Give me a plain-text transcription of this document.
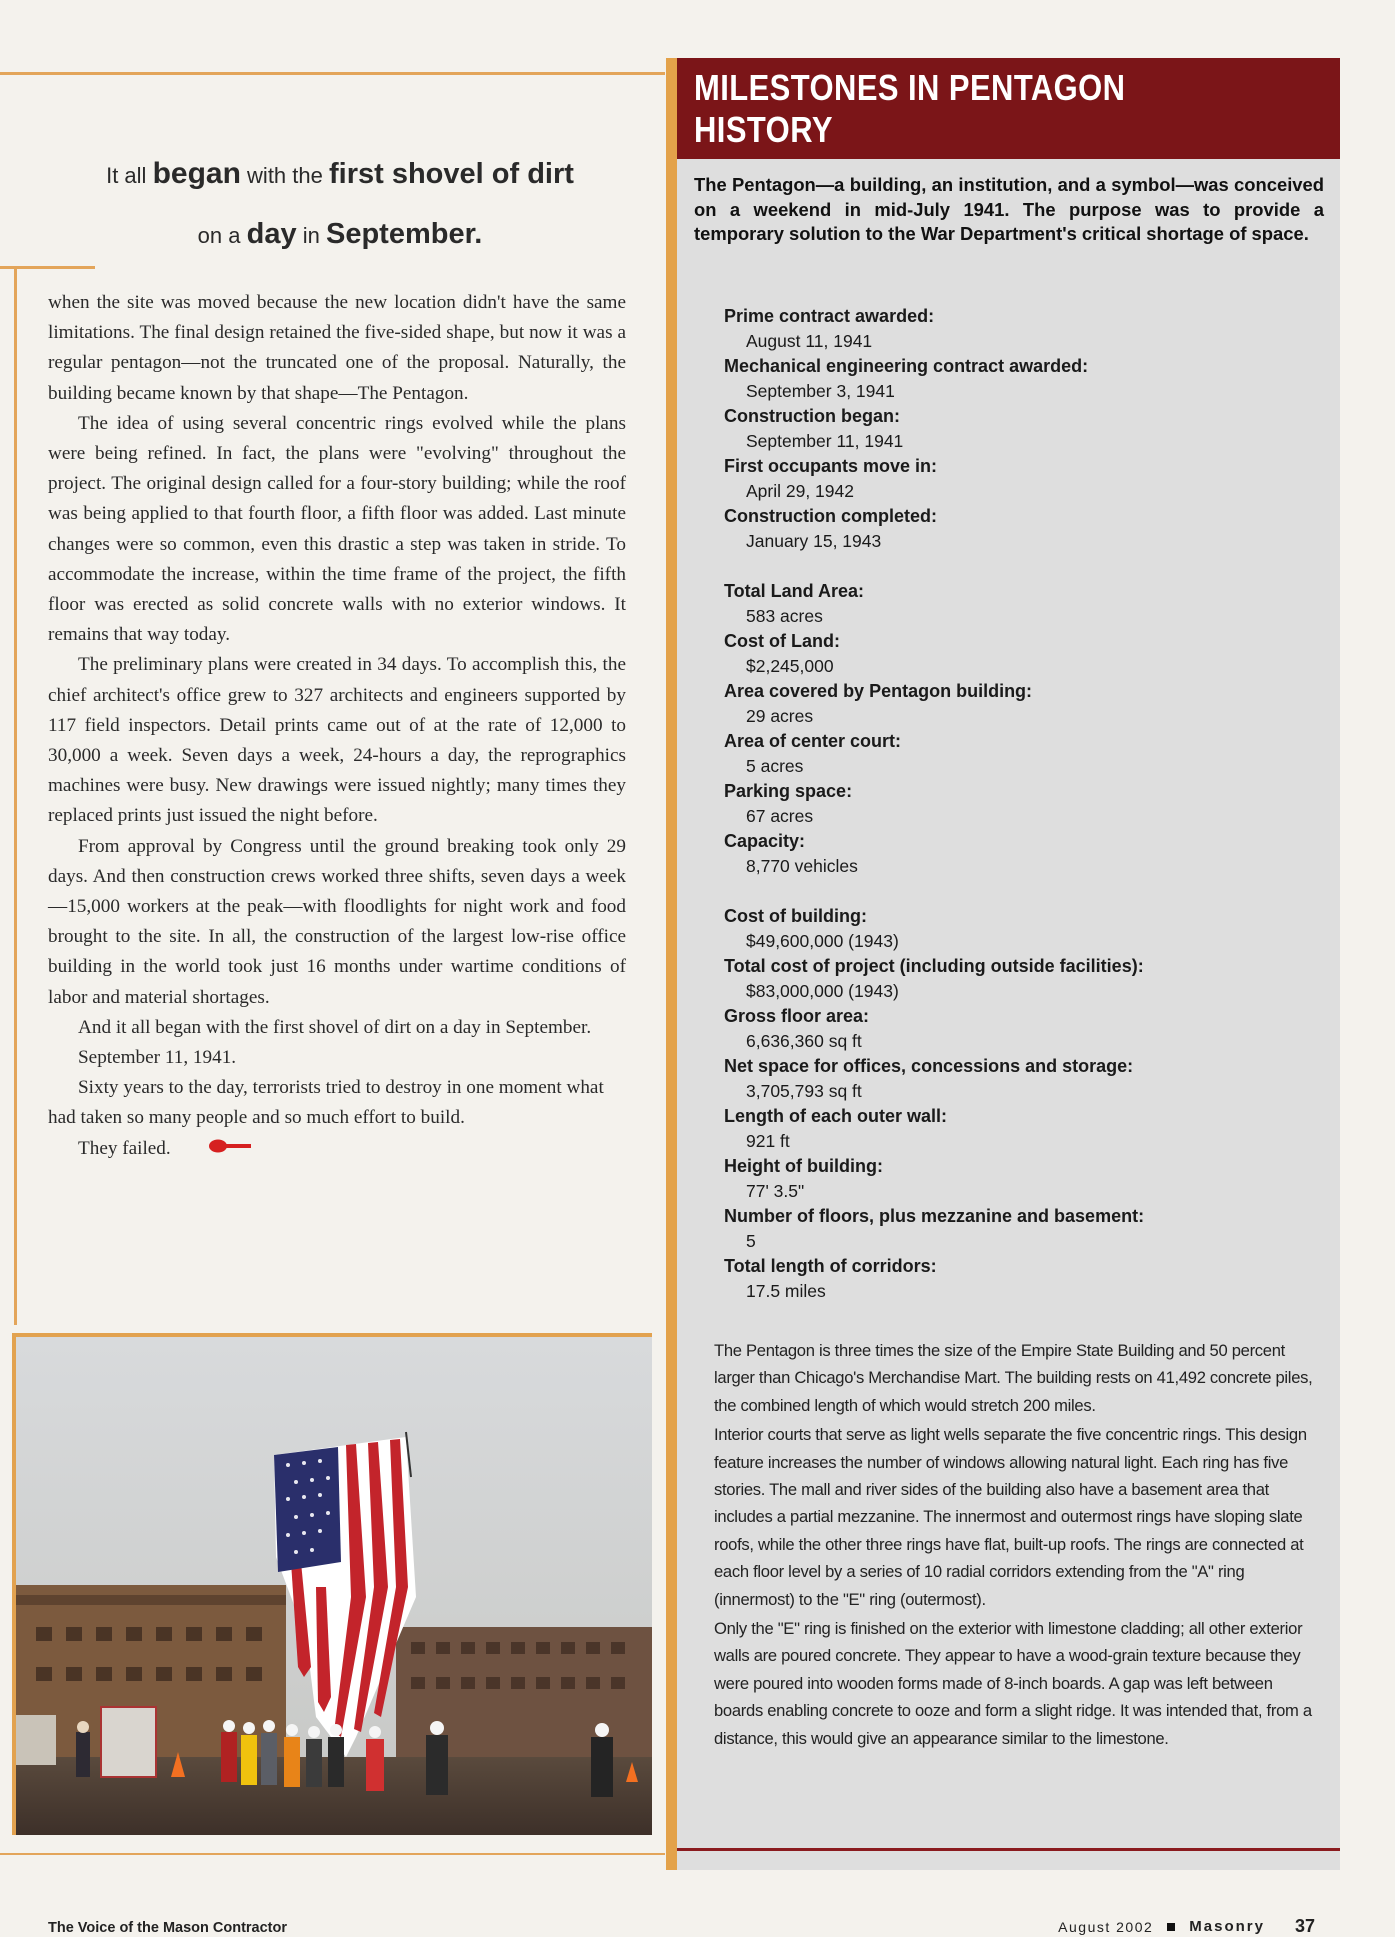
It all began with the first shovel of dirt
on a day in September.

when the site was moved because the new location didn't have the same limitations. The final design retained the five-sided shape, but now it was a regular pentagon—not the truncated one of the proposal. Naturally, the building became known by that shape—The Pentagon.

The idea of using several concentric rings evolved while the plans were being refined. In fact, the plans were "evolving" throughout the project. The original design called for a four-story building; while the roof was being applied to that fourth floor, a fifth floor was added. Last minute changes were so common, even this drastic a step was taken in stride. To accommodate the increase, within the time frame of the project, the fifth floor was erected as solid concrete walls with no exterior windows. It remains that way today.

The preliminary plans were created in 34 days. To accomplish this, the chief architect's office grew to 327 architects and engineers supported by 117 field inspectors. Detail prints came out of at the rate of 12,000 to 30,000 a week. Seven days a week, 24-hours a day, the reprographics machines were busy. New drawings were issued nightly; many times they replaced prints just issued the night before.

From approval by Congress until the ground breaking took only 29 days. And then construction crews worked three shifts, seven days a week—15,000 workers at the peak—with floodlights for night work and food brought to the site. In all, the construction of the largest low-rise office building in the world took just 16 months under wartime conditions of labor and material shortages.

And it all began with the first shovel of dirt on a day in September.

September 11, 1941.

Sixty years to the day, terrorists tried to destroy in one moment what had taken so many people and so much effort to build.

They failed.

MILESTONES IN PENTAGON HISTORY
The Pentagon—a building, an institution, and a symbol—was conceived on a weekend in mid-July 1941. The purpose was to provide a temporary solution to the War Department's critical shortage of space.
Prime contract awarded:
August 11, 1941
Mechanical engineering contract awarded:
September 3, 1941
Construction began:
September 11, 1941
First occupants move in:
April 29, 1942
Construction completed:
January 15, 1943
Total Land Area:
583 acres
Cost of Land:
$2,245,000
Area covered by Pentagon building:
29 acres
Area of center court:
5 acres
Parking space:
67 acres
Capacity:
8,770 vehicles
Cost of building:
$49,600,000 (1943)
Total cost of project (including outside facilities):
$83,000,000 (1943)
Gross floor area:
6,636,360 sq ft
Net space for offices, concessions and storage:
3,705,793 sq ft
Length of each outer wall:
921 ft
Height of building:
77' 3.5"
Number of floors, plus mezzanine and basement:
5
Total length of corridors:
17.5 miles

The Pentagon is three times the size of the Empire State Building and 50 percent larger than Chicago's Merchandise Mart. The building rests on 41,492 concrete piles, the combined length of which would stretch 200 miles.

Interior courts that serve as light wells separate the five concentric rings. This design feature increases the number of windows allowing natural light. Each ring has five stories. The mall and river sides of the building also have a basement area that includes a partial mezzanine. The innermost and outermost rings have sloping slate roofs, while the other three rings have flat, built-up roofs. The rings are connected at each floor level by a series of 10 radial corridors extending from the "A" ring (innermost) to the "E" ring (outermost).

Only the "E" ring is finished on the exterior with limestone cladding; all other exterior walls are poured concrete. They appear to have a wood-grain texture because they were poured into wooden forms made of 8-inch boards. A gap was left between boards enabling concrete to ooze and form a slight ridge. It was intended that, from a distance, this would give an appearance similar to the limestone.

The Voice of the Mason Contractor	August 2002 Masonry 37
